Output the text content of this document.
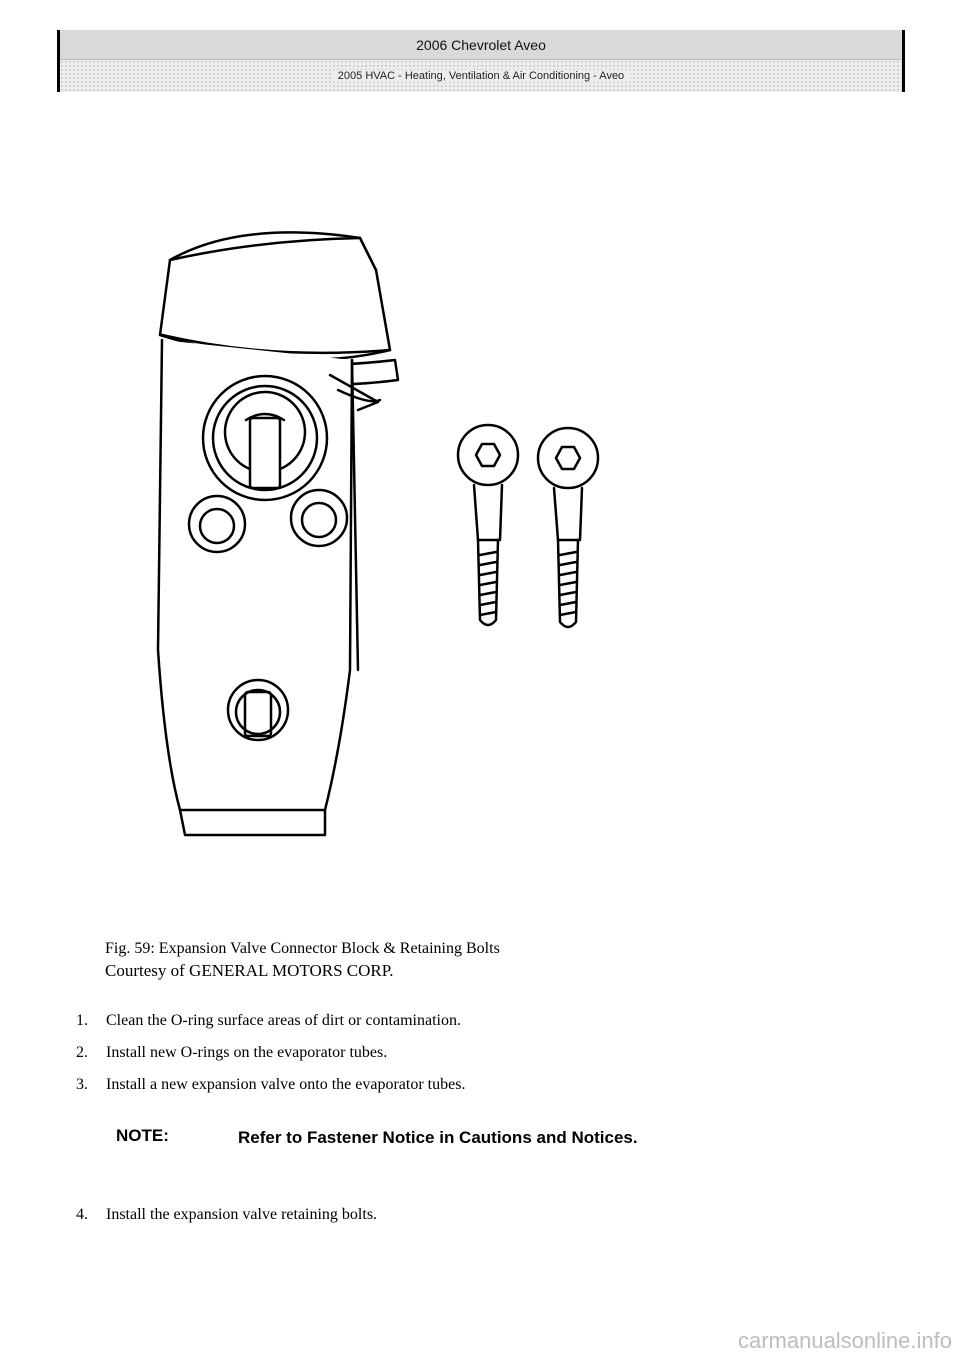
2006 Chevrolet Aveo
2005 HVAC - Heating, Ventilation & Air Conditioning - Aveo
Fig. 59: Expansion Valve Connector Block & Retaining Bolts
Courtesy of GENERAL MOTORS CORP.
1.	Clean the O-ring surface areas of dirt or contamination.
2.	Install new O-rings on the evaporator tubes.
3.	Install a new expansion valve onto the evaporator tubes.
NOTE:	Refer to Fastener Notice in Cautions and Notices.
4.	Install the expansion valve retaining bolts.
carmanualsonline.info
